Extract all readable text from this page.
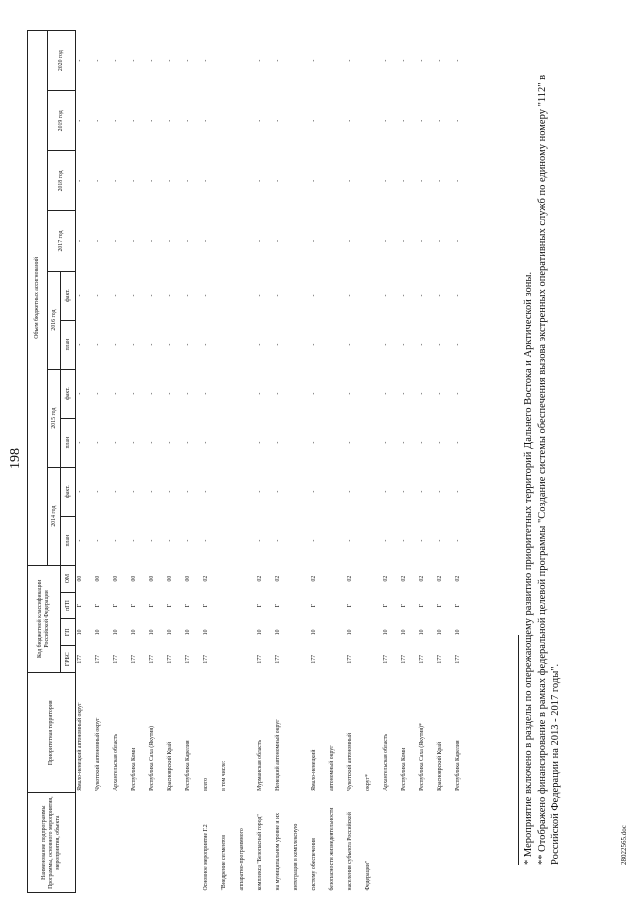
198
Наименование подпрограммы Программы, основного мероприятия, мероприятия, объекта	Приоритетная территория	Код бюджетной классификации Российской Федерации				Объем бюджетных ассигнований									
						2014 год		2015 год		2016 год		2017 год	2018 год	2019 год	2020 год
		ГРБС	ГП	пГП	ОМ	план	факт.	план	факт.	план	факт.				
	Ямало-ненецкий автономный округ	177	10	Г	00	-	-	-	-	-	-	-	-	-	-
	Чукотский автономный округ	177	10	Г	00	-	-	-	-	-	-	-	-	-	-
	Архангельская область	177	10	Г	00	-	-	-	-	-	-	-	-	-	-
	Республика Коми	177	10	Г	00	-	-	-	-	-	-	-	-	-	-
	Республика Саха (Якутия)	177	10	Г	00	-	-	-	-	-	-	-	-	-	-
	Красноярский Край	177	10	Г	00	-	-	-	-	-	-	-	-	-	-
	Республика Карелия	177	10	Г	00	-	-	-	-	-	-	-	-	-	-
Основное мероприятие Г.2	всего	177	10	Г	02	-	-	-	-	-	-	-	-	-	-
"Внедрение сегментов	в том числе:														
аппаратно-программного															
комплекса "Безопасный город"	Мурманская область	177	10	Г	02	-	-	-	-	-	-	-	-	-	-
на муниципальном уровне и их	Ненецкий автономный округ	177	10	Г	02	-	-	-	-	-	-	-	-	-	-
интеграция в комплексную															
систему обеспечения	Ямало-ненецкий	177	10	Г	02	-	-	-	-	-	-	-	-	-	-
безопасности жизнедеятельности	автономный округ														
населения субъекта Российской	Чукотский автономный	177	10	Г	02	-	-	-	-	-	-	-	-	-	-
Федерации"	округ*														
	Архангельская область	177	10	Г	02	-	-	-	-	-	-	-	-	-	-
	Республика Коми	177	10	Г	02	-	-	-	-	-	-	-	-	-	-
	Республика Саха (Якутия)*	177	10	Г	02	-	-	-	-	-	-	-	-	-	-
	Красноярский Край	177	10	Г	02	-	-	-	-	-	-	-	-	-	-
	Республика Карелия	177	10	Г	02	-	-	-	-	-	-	-	-	-	-
* Мероприятие включено в разделы по опережающему развитию приоритетных территорий Дальнего Востока и Арктической зоны. ** Отображено финансирование в рамках федеральной целевой программы "Создание системы обеспечения вызова экстренных оперативных служб по единому номеру "112" в Российской Федерации на 2013 - 2017 годы".	28022565.doc
